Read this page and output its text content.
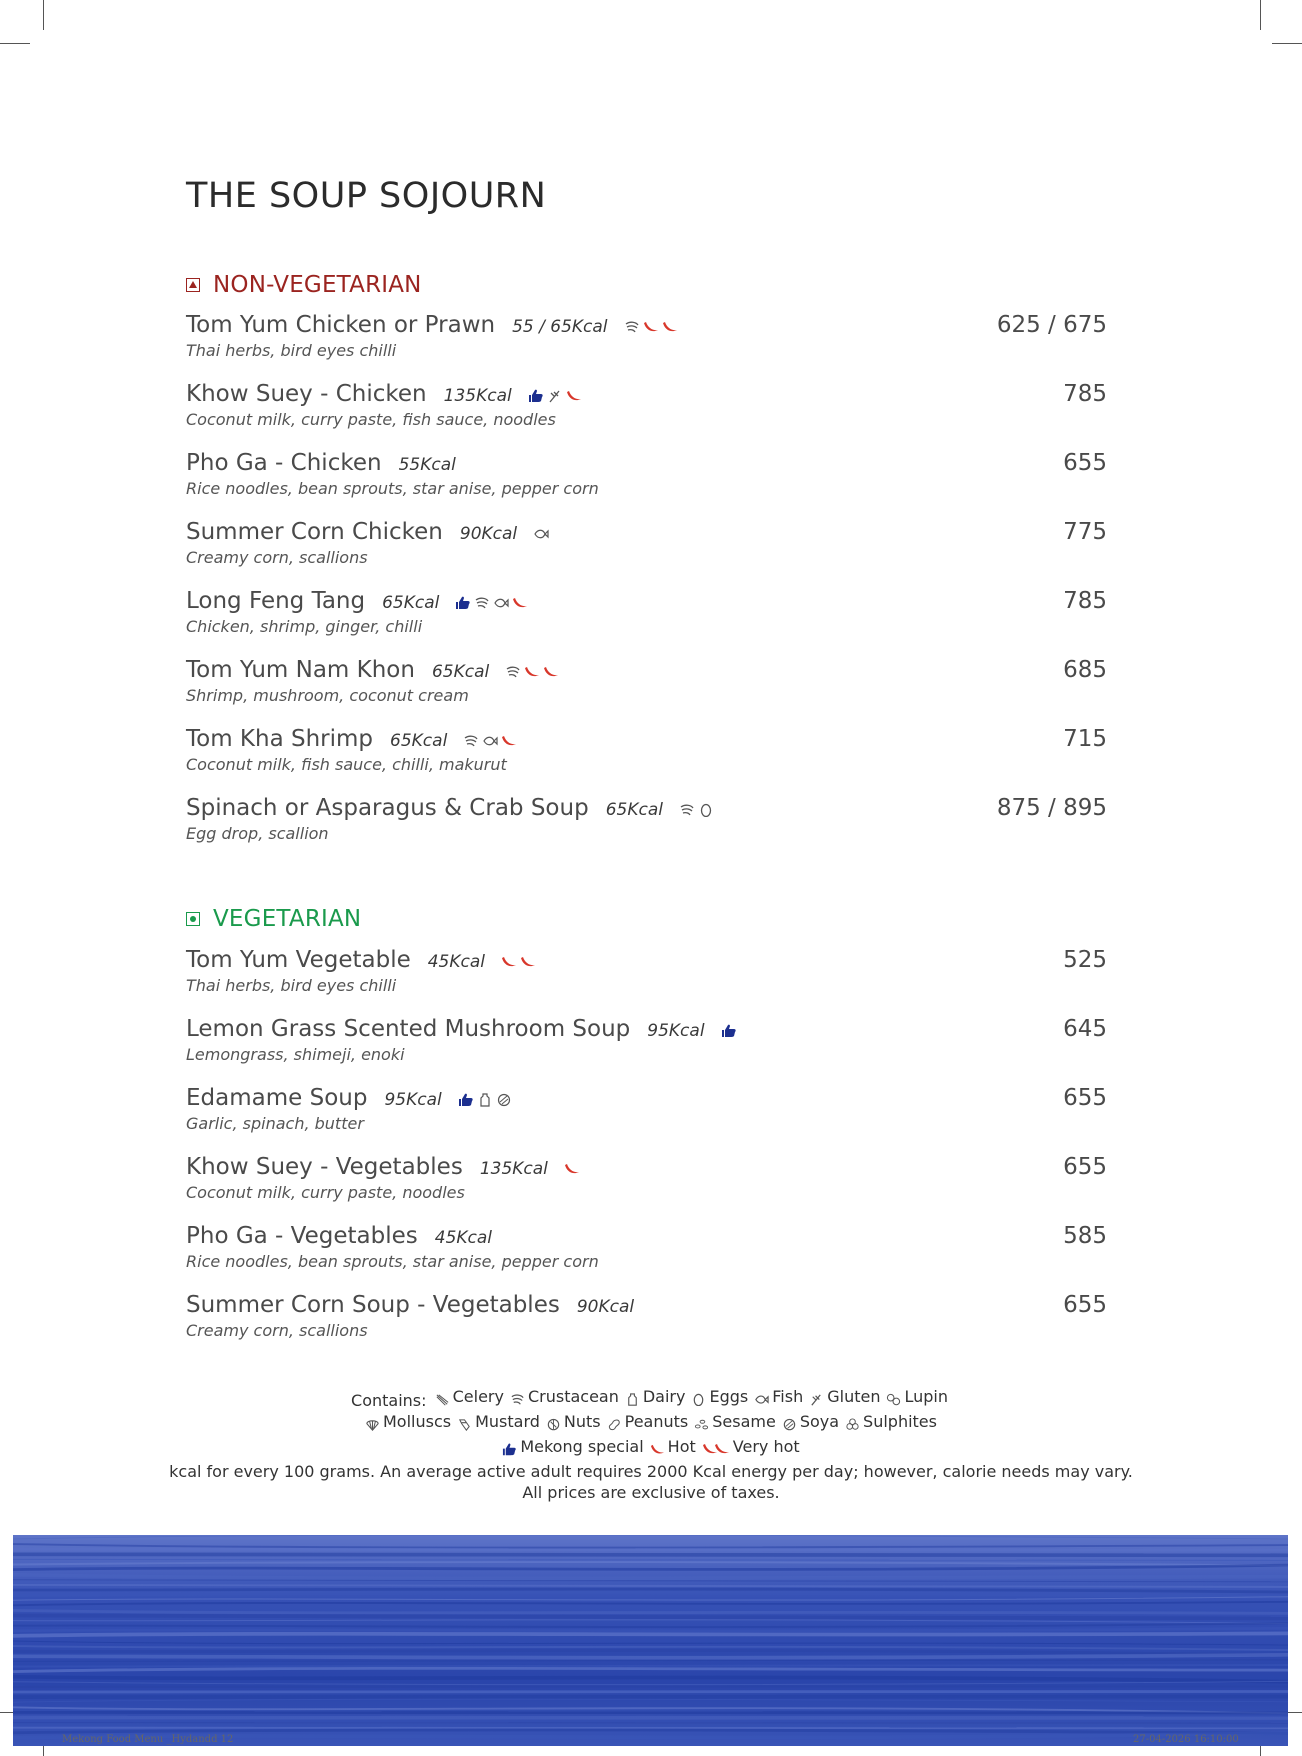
THE SOUP SOJOURN
NON-VEGETARIAN
Tom Yum Chicken or Prawn 55 / 65Kcal	625 / 675
Thai herbs, bird eyes chilli
Khow Suey - Chicken 135Kcal	785
Coconut milk, curry paste, fish sauce, noodles
Pho Ga - Chicken 55Kcal	655
Rice noodles, bean sprouts, star anise, pepper corn
Summer Corn Chicken 90Kcal	775
Creamy corn, scallions
Long Feng Tang 65Kcal	785
Chicken, shrimp, ginger, chilli
Tom Yum Nam Khon 65Kcal	685
Shrimp, mushroom, coconut cream
Tom Kha Shrimp 65Kcal	715
Coconut milk, fish sauce, chilli, makurut
Spinach or Asparagus & Crab Soup 65Kcal	875 / 895
Egg drop, scallion
VEGETARIAN
Tom Yum Vegetable 45Kcal	525
Thai herbs, bird eyes chilli
Lemon Grass Scented Mushroom Soup 95Kcal	645
Lemongrass, shimeji, enoki
Edamame Soup 95Kcal	655
Garlic, spinach, butter
Khow Suey - Vegetables 135Kcal	655
Coconut milk, curry paste, noodles
Pho Ga - Vegetables 45Kcal	585
Rice noodles, bean sprouts, star anise, pepper corn
Summer Corn Soup - Vegetables 90Kcal	655
Creamy corn, scallions
Contains: Celery Crustacean Dairy Eggs Fish Gluten Lupin
Molluscs Mustard Nuts Peanuts Sesame Soya Sulphites
Mekong special Hot Very hot
kcal for every 100 grams. An average active adult requires 2000 Kcal energy per day; however, calorie needs may vary.
All prices are exclusive of taxes.
Mekong Food Menu _Hydandd 12	27-04-2026 16:10:00
